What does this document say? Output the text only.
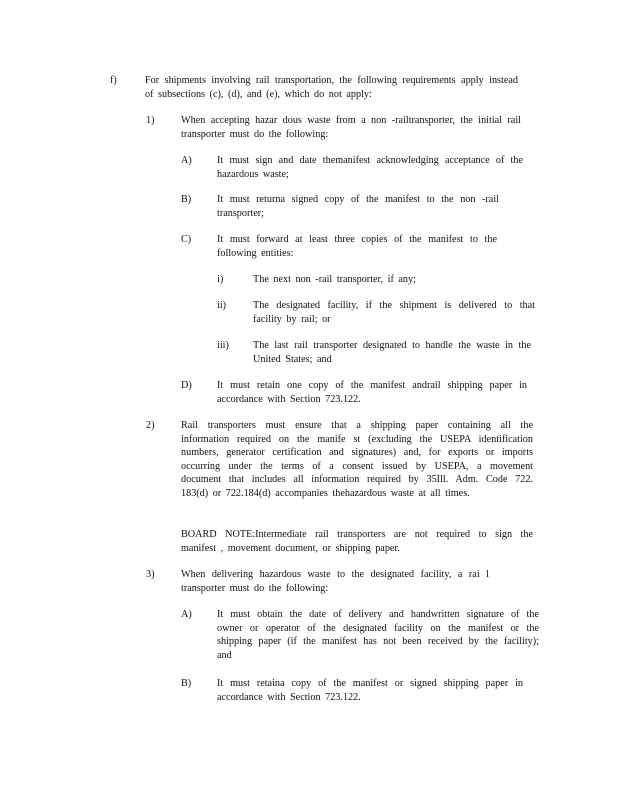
f)	For shipments involving rail transportation, the following requirements apply instead of subsections (c), (d), and (e), which do not apply:

1)	When accepting hazar dous waste from a non -railtransporter, the initial rail transporter must do the following:

A) It must sign and date themanifest acknowledging acceptance of the hazardous waste;

B)	It must returna signed copy of the manifest to the non -rail transporter;

C)	It must forward at least three copies of the manifest to the following entities:

i)	The next non -rail transporter, if any;

ii)	The designated facility, if the shipment is delivered to that facility by rail; or

iii) The last rail transporter designated to handle the waste in the United States; and

D) It must retain one copy of the manifest andrail shipping paper in accordance with Section 723.122.

2)	Rail transporters must ensure that a shipping paper containing all the information required on the manife st (excluding the USEPA identification numbers, generator certification and signatures) and, for exports or imports occurring under the terms of a consent issued by USEPA, a movement document that includes all information required by 35Ill. Adm. Code 722. 183(d) or 722.184(d) accompanies thehazardous waste at all times.

BOARD NOTE:Intermediate rail transporters are not required to sign the manifest , movement document, or shipping paper.

3)	When delivering hazardous waste to the designated facility, a rai l transporter must do the following:

A) It must obtain the date of delivery and handwritten signature of the owner or operator of the designated facility on the manifest or the shipping paper (if the manifest has not been received by the facility); and

B)	It must retaina copy of the manifest or signed shipping paper in accordance with Section 723.122.
